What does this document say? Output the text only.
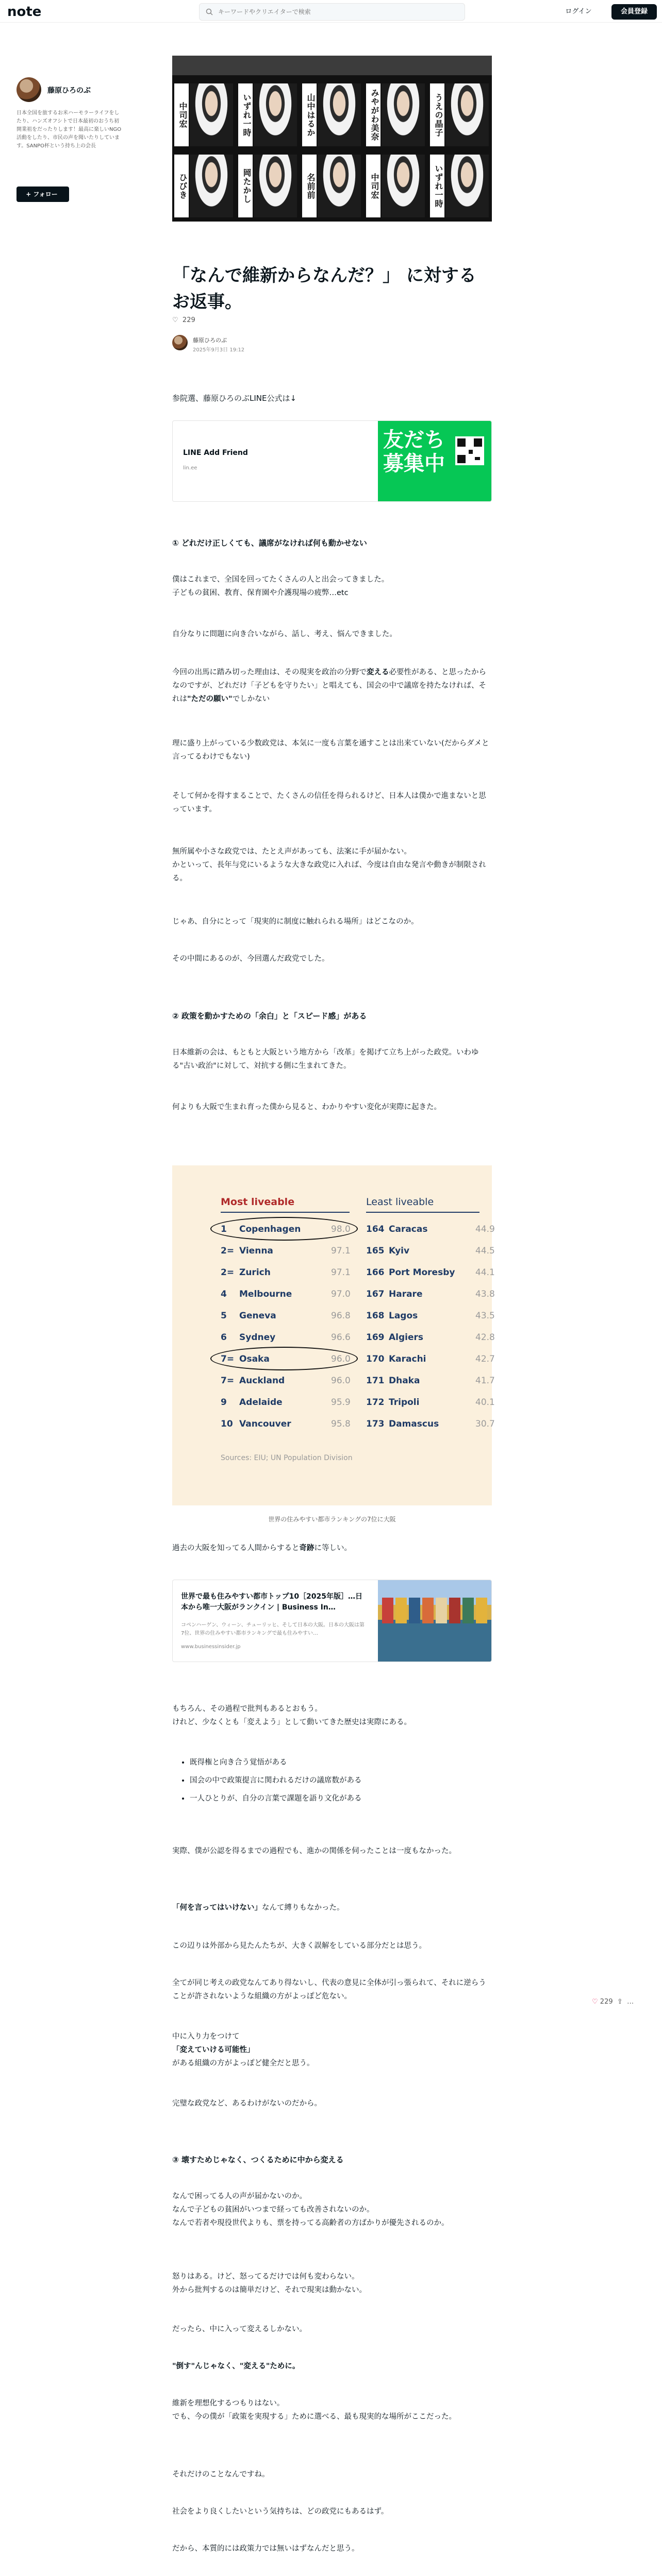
note
キーワードやクリエイターで検索	ログイン	会員登録
藤原ひろのぶ
日本全国を旅するお米ハーモラーライフをしたり、ハンズオフシトで日本最初のおうち初開業祖をだったりします！最高に楽しいNGO活動をしたり、市民の声を聞いたりしています。SANPO杯という持ち上の会長
+ フォロー
中司宏	いずれ一時	山中はるか	みやがわ美奈	うえの晶子
ひびき	岡たかし	名前前	中司宏	いずれ一時
「なんで維新からなんだ？」 に対するお返事。
♡ 229
藤原ひろのぶ
2025年9月3日 19:12
参院選、藤原ひろのぶLINE公式は↓
LINE Add Friend
lin.ee
友だち
募集中
① どれだけ正しくても、議席がなければ何も動かせない
僕はこれまで、全国を回ってたくさんの人と出会ってきました。
子どもの貧困、教育、保育園や介護現場の疲弊…etc
自分なりに問題に向き合いながら、話し、考え、悩んできました。
今回の出馬に踏み切った理由は、その現実を政治の分野で変える必要性がある、と思ったからなのですが、どれだけ「子どもを守りたい」と唱えても、国会の中で議席を持たなければ、それは"ただの願い"でしかない
理に盛り上がっている少数政党は、本気に一度も言葉を通すことは出来ていない(だからダメと言ってるわけでもない)
そして何かを得すまることで、たくさんの信任を得られるけど、日本人は僕かで進まないと思っています。
無所属や小さな政党では、たとえ声があっても、法案に手が届かない。
かといって、長年与党にいるような大きな政党に入れば、今度は自由な発言や動きが制限される。
じゃあ、自分にとって「現実的に制度に触れられる場所」はどこなのか。
その中間にあるのが、今回選んだ政党でした。
② 政策を動かすための「余白」と「スピード感」がある
日本維新の会は、もともと大阪という地方から「改革」を掲げて立ち上がった政党。いわゆる"古い政治"に対して、対抗する側に生まれてきた。
何よりも大阪で生まれ育った僕から見ると、わかりやすい変化が実際に起きた。
Most liveable	Least liveable
Sources: EIU; UN Population Division
1 Copenhagen	98.0
2= Vienna	97.1
2= Zurich	97.1
4 Melbourne	97.0
5 Geneva	96.8
6 Sydney	96.6
7= Osaka	96.0
7= Auckland	96.0
9 Adelaide	95.9
10 Vancouver	95.8
164 Caracas	44.9
165 Kyiv	44.5
166 Port Moresby 44.1
167 Harare	43.8
168 Lagos	43.5
169 Algiers	42.8
170 Karachi	42.7
171 Dhaka	41.7
172 Tripoli	40.1
173 Damascus	30.7
世界の住みやすい都市ランキングの7位に大阪
過去の大阪を知ってる人間からすると奇跡に等しい。
世界で最も住みやすい都市トップ10［2025年版］…日本から唯一大阪がランクイン | Business In…
コペンハーゲン、ウィーン、チューリッヒ、そして日本の大阪。日本の大阪は第7位、世界の住みやすい都市ランキングで最も住みやすい…
www.businessinsider.jp
もちろん、その過程で批判もあるとおもう。
けれど、少なくとも「変えよう」として動いてきた歴史は実際にある。
• 既得権と向き合う覚悟がある
• 国会の中で政策提言に関われるだけの議席数がある
• 一人ひとりが、自分の言葉で課題を語り文化がある
実際、僕が公認を得るまでの過程でも、進かの関係を伺ったことは一度もなかった。
「何を言ってはいけない」なんて縛りもなかった。
この辺りは外部から見たんたちが、大きく誤解をしている部分だとは思う。
全てが同じ考えの政党なんてあり得ないし、代表の意見に全体が引っ張られて、それに逆らうことが許されないような組織の方がよっぽど危ない。
中に入り力をつけて
「変えていける可能性」
がある組織の方がよっぽど健全だと思う。
完璧な政党など、あるわけがないのだから。
③ 壊すためじゃなく、つくるために中から変える
なんで困ってる人の声が届かないのか。
なんで子どもの貧困がいつまで経っても改善されないのか。
なんで若者や現役世代よりも、票を持ってる高齢者の方ばかりが優先されるのか。
怒りはある。けど、怒ってるだけでは何も変わらない。
外から批判するのは簡単だけど、それで現実は動かない。
だったら、中に入って変えるしかない。
"倒す"んじゃなく、"変える"ために。
維新を理想化するつもりはない。
でも、今の僕が「政策を実現する」ために選べる、最も現実的な場所がここだった。
それだけのことなんですね。
社会をより良くしたいという気持ちは、どの政党にもあるはず。
だから、本質的には政策力では無いはずなんだと思う。
♡ 229 ⇪ …
